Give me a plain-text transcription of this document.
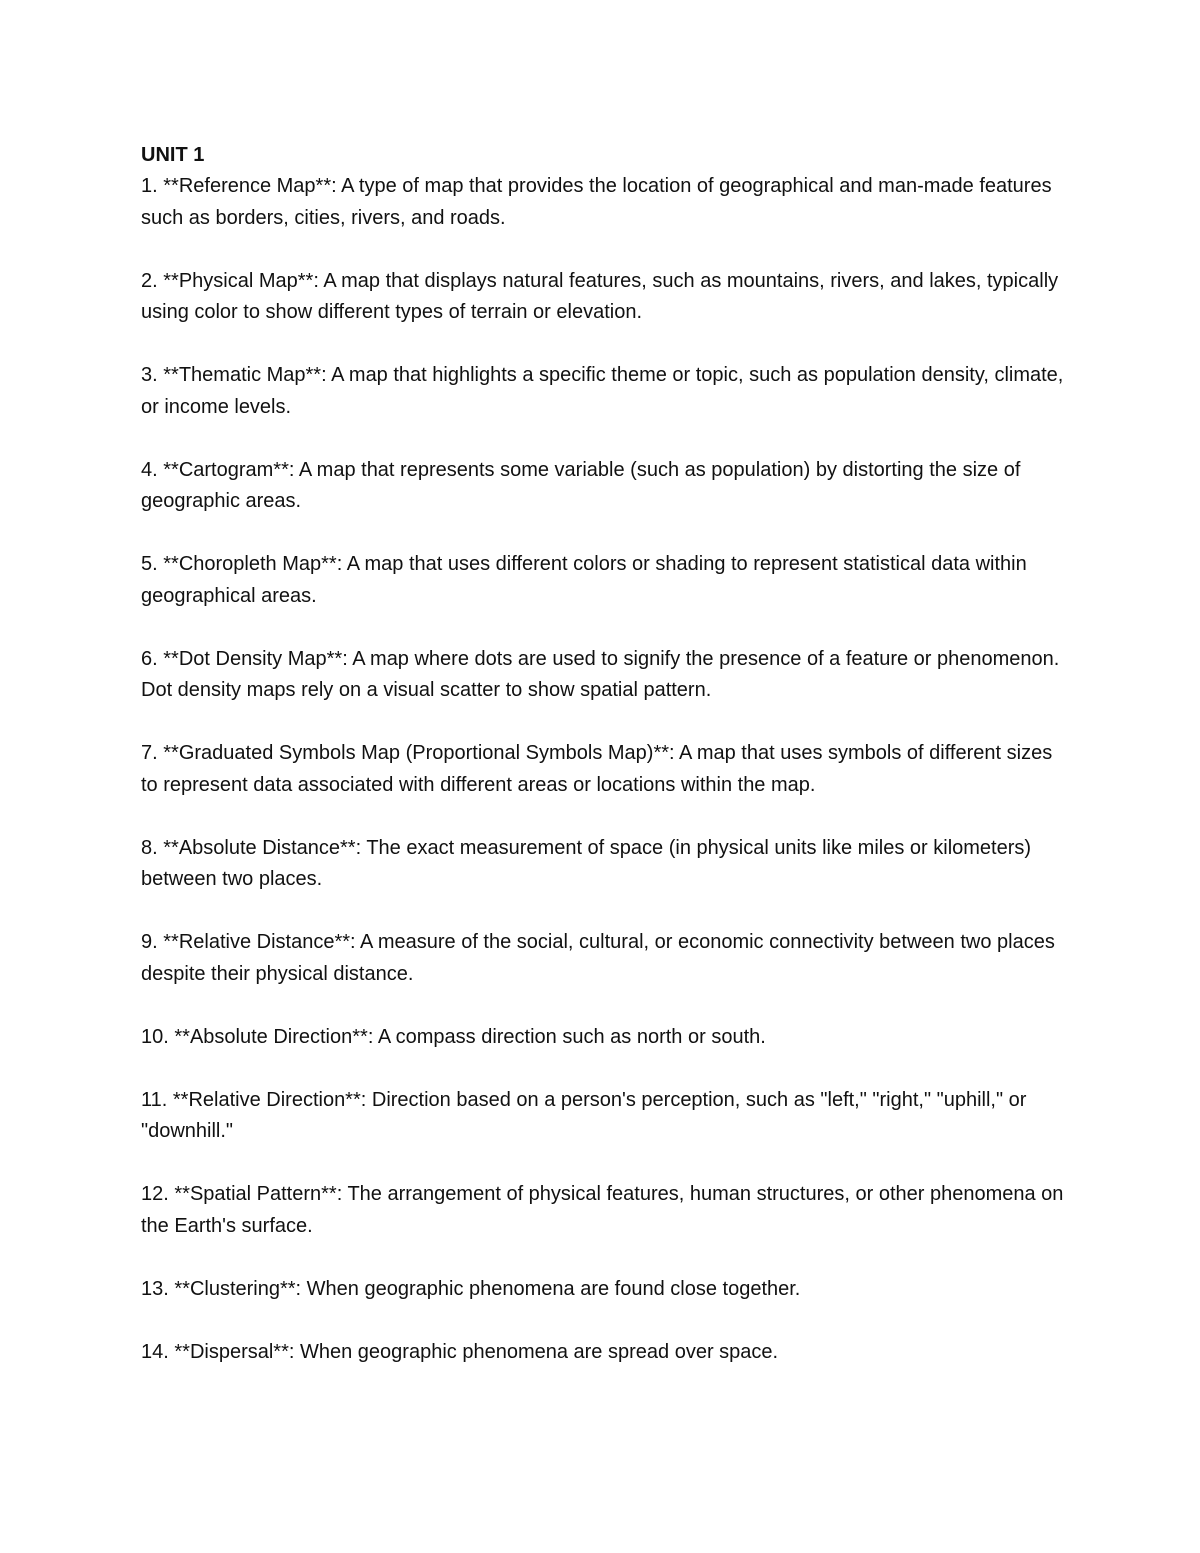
UNIT 1

1. **Reference Map**: A type of map that provides the location of geographical and man-made features such as borders, cities, rivers, and roads.

2. **Physical Map**: A map that displays natural features, such as mountains, rivers, and lakes, typically using color to show different types of terrain or elevation.

3. **Thematic Map**: A map that highlights a specific theme or topic, such as population density, climate, or income levels.

4. **Cartogram**: A map that represents some variable (such as population) by distorting the size of geographic areas.

5. **Choropleth Map**: A map that uses different colors or shading to represent statistical data within geographical areas.

6. **Dot Density Map**: A map where dots are used to signify the presence of a feature or phenomenon. Dot density maps rely on a visual scatter to show spatial pattern.

7. **Graduated Symbols Map (Proportional Symbols Map)**: A map that uses symbols of different sizes to represent data associated with different areas or locations within the map.

8. **Absolute Distance**: The exact measurement of space (in physical units like miles or kilometers) between two places.

9. **Relative Distance**: A measure of the social, cultural, or economic connectivity between two places despite their physical distance.

10. **Absolute Direction**: A compass direction such as north or south.

11. **Relative Direction**: Direction based on a person's perception, such as "left," "right," "uphill," or "downhill."

12. **Spatial Pattern**: The arrangement of physical features, human structures, or other phenomena on the Earth's surface.

13. **Clustering**: When geographic phenomena are found close together.

14. **Dispersal**: When geographic phenomena are spread over space.
